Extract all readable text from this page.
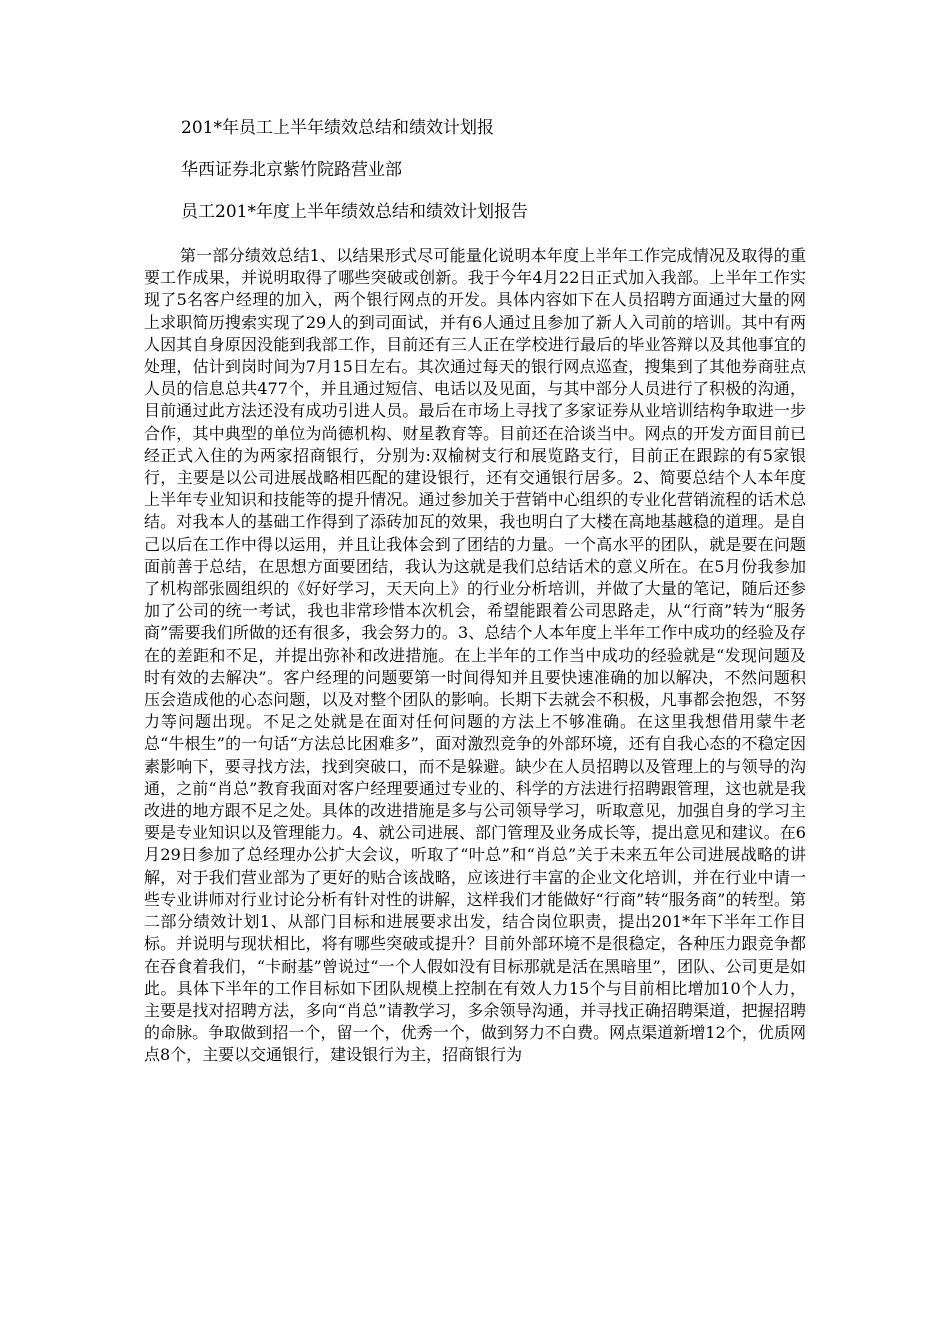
201*年员工上半年绩效总结和绩效计划报

华西证券北京紫竹院路营业部

员工201*年度上半年绩效总结和绩效计划报告

第一部分绩效总结1、以结果形式尽可能量化说明本年度上半年工作完成情况及取得的重要工作成果，并说明取得了哪些突破或创新。我于今年4月22日正式加入我部。上半年工作实现了5名客户经理的加入，两个银行网点的开发。具体内容如下在人员招聘方面通过大量的网上求职简历搜索实现了29人的到司面试，并有6人通过且参加了新人入司前的培训。其中有两人因其自身原因没能到我部工作，目前还有三人正在学校进行最后的毕业答辩以及其他事宜的处理，估计到岗时间为7月15日左右。其次通过每天的银行网点巡查，搜集到了其他券商驻点人员的信息总共477个，并且通过短信、电话以及见面，与其中部分人员进行了积极的沟通，目前通过此方法还没有成功引进人员。最后在市场上寻找了多家证券从业培训结构争取进一步合作，其中典型的单位为尚德机构、财星教育等。目前还在洽谈当中。网点的开发方面目前已经正式入住的为两家招商银行，分别为:双榆树支行和展览路支行，目前正在跟踪的有5家银行，主要是以公司进展战略相匹配的建设银行，还有交通银行居多。2、简要总结个人本年度上半年专业知识和技能等的提升情况。通过参加关于营销中心组织的专业化营销流程的话术总结。对我本人的基础工作得到了添砖加瓦的效果，我也明白了大楼在高地基越稳的道理。是自己以后在工作中得以运用，并且让我体会到了团结的力量。一个高水平的团队，就是要在问题面前善于总结，在思想方面要团结，我认为这就是我们总结话术的意义所在。在5月份我参加了机构部张圆组织的《好好学习，天天向上》的行业分析培训，并做了大量的笔记，随后还参加了公司的统一考试，我也非常珍惜本次机会，希望能跟着公司思路走，从“行商”转为“服务商”需要我们所做的还有很多，我会努力的。3、总结个人本年度上半年工作中成功的经验及存在的差距和不足，并提出弥补和改进措施。在上半年的工作当中成功的经验就是“发现问题及时有效的去解决”。客户经理的问题要第一时间得知并且要快速准确的加以解决，不然问题积压会造成他的心态问题，以及对整个团队的影响。长期下去就会不积极，凡事都会抱怨，不努力等问题出现。不足之处就是在面对任何问题的方法上不够准确。在这里我想借用蒙牛老总“牛根生”的一句话“方法总比困难多”，面对激烈竞争的外部环境，还有自我心态的不稳定因素影响下，要寻找方法，找到突破口，而不是躲避。缺少在人员招聘以及管理上的与领导的沟通，之前“肖总”教育我面对客户经理要通过专业的、科学的方法进行招聘跟管理，这也就是我改进的地方跟不足之处。具体的改进措施是多与公司领导学习，听取意见，加强自身的学习主要是专业知识以及管理能力。4、就公司进展、部门管理及业务成长等，提出意见和建议。在6月29日参加了总经理办公扩大会议，听取了“叶总”和“肖总”关于未来五年公司进展战略的讲解，对于我们营业部为了更好的贴合该战略，应该进行丰富的企业文化培训，并在行业中请一些专业讲师对行业讨论分析有针对性的讲解，这样我们才能做好“行商”转“服务商”的转型。第二部分绩效计划1、从部门目标和进展要求出发，结合岗位职责，提出201*年下半年工作目标。并说明与现状相比，将有哪些突破或提升？目前外部环境不是很稳定，各种压力跟竞争都在吞食着我们，“卡耐基”曾说过“一个人假如没有目标那就是活在黑暗里”，团队、公司更是如此。具体下半年的工作目标如下团队规模上控制在有效人力15个与目前相比增加10个人力，主要是找对招聘方法，多向“肖总”请教学习，多余领导沟通，并寻找正确招聘渠道，把握招聘的命脉。争取做到招一个，留一个，优秀一个，做到努力不白费。网点渠道新增12个，优质网点8个，主要以交通银行，建设银行为主，招商银行为
